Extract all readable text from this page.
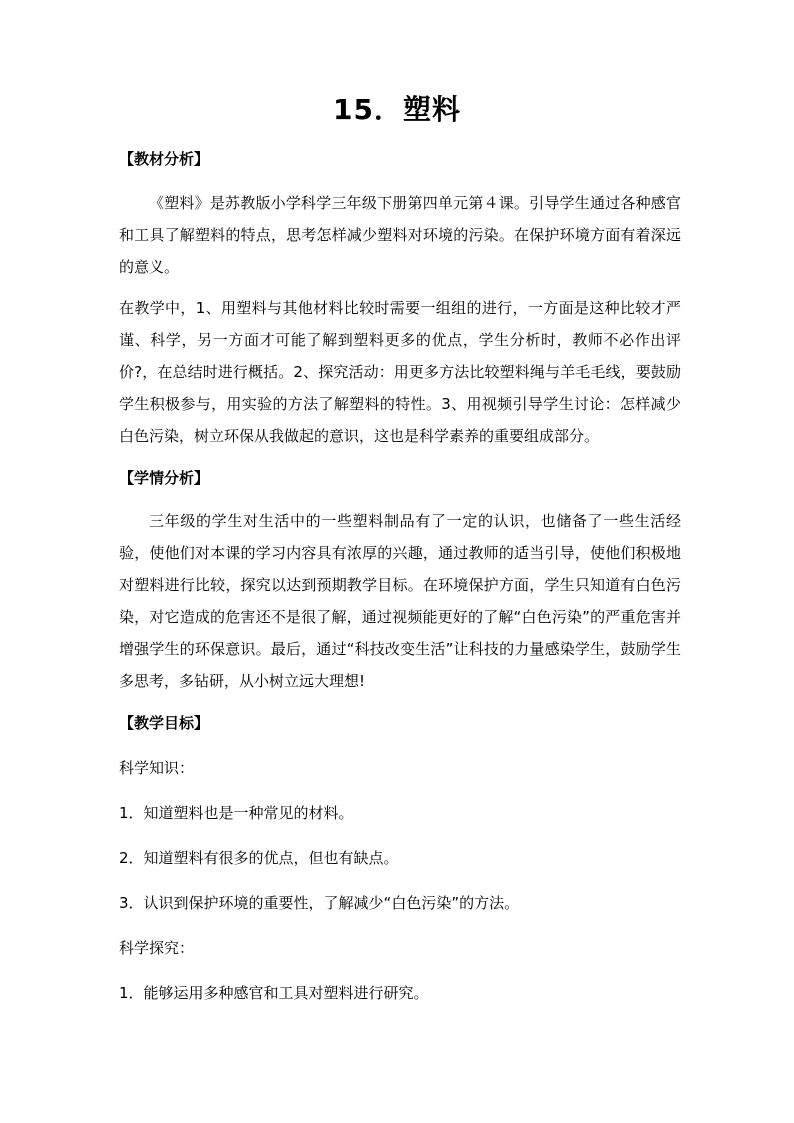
15．塑料
【教材分析】
《塑料》是苏教版小学科学三年级下册第四单元第４课。引导学生通过各种感官和工具了解塑料的特点，思考怎样减少塑料对环境的污染。在保护环境方面有着深远的意义。
在教学中，1、用塑料与其他材料比较时需要一组组的进行，一方面是这种比较才严谨、科学，另一方面才可能了解到塑料更多的优点，学生分析时，教师不必作出评价?，在总结时进行概括。2、探究活动：用更多方法比较塑料绳与羊毛毛线，要鼓励学生积极参与，用实验的方法了解塑料的特性。3、用视频引导学生讨论：怎样减少白色污染，树立环保从我做起的意识，这也是科学素养的重要组成部分。
【学情分析】
三年级的学生对生活中的一些塑料制品有了一定的认识，也储备了一些生活经验，使他们对本课的学习内容具有浓厚的兴趣，通过教师的适当引导，使他们积极地对塑料进行比较，探究以达到预期教学目标。在环境保护方面，学生只知道有白色污染，对它造成的危害还不是很了解，通过视频能更好的了解“白色污染”的严重危害并增强学生的环保意识。最后，通过“科技改变生活”让科技的力量感染学生，鼓励学生多思考，多钻研，从小树立远大理想!
【教学目标】
科学知识：
1．知道塑料也是一种常见的材料。
2．知道塑料有很多的优点，但也有缺点。
3．认识到保护环境的重要性，了解减少“白色污染”的方法。
科学探究：
1．能够运用多种感官和工具对塑料进行研究。
